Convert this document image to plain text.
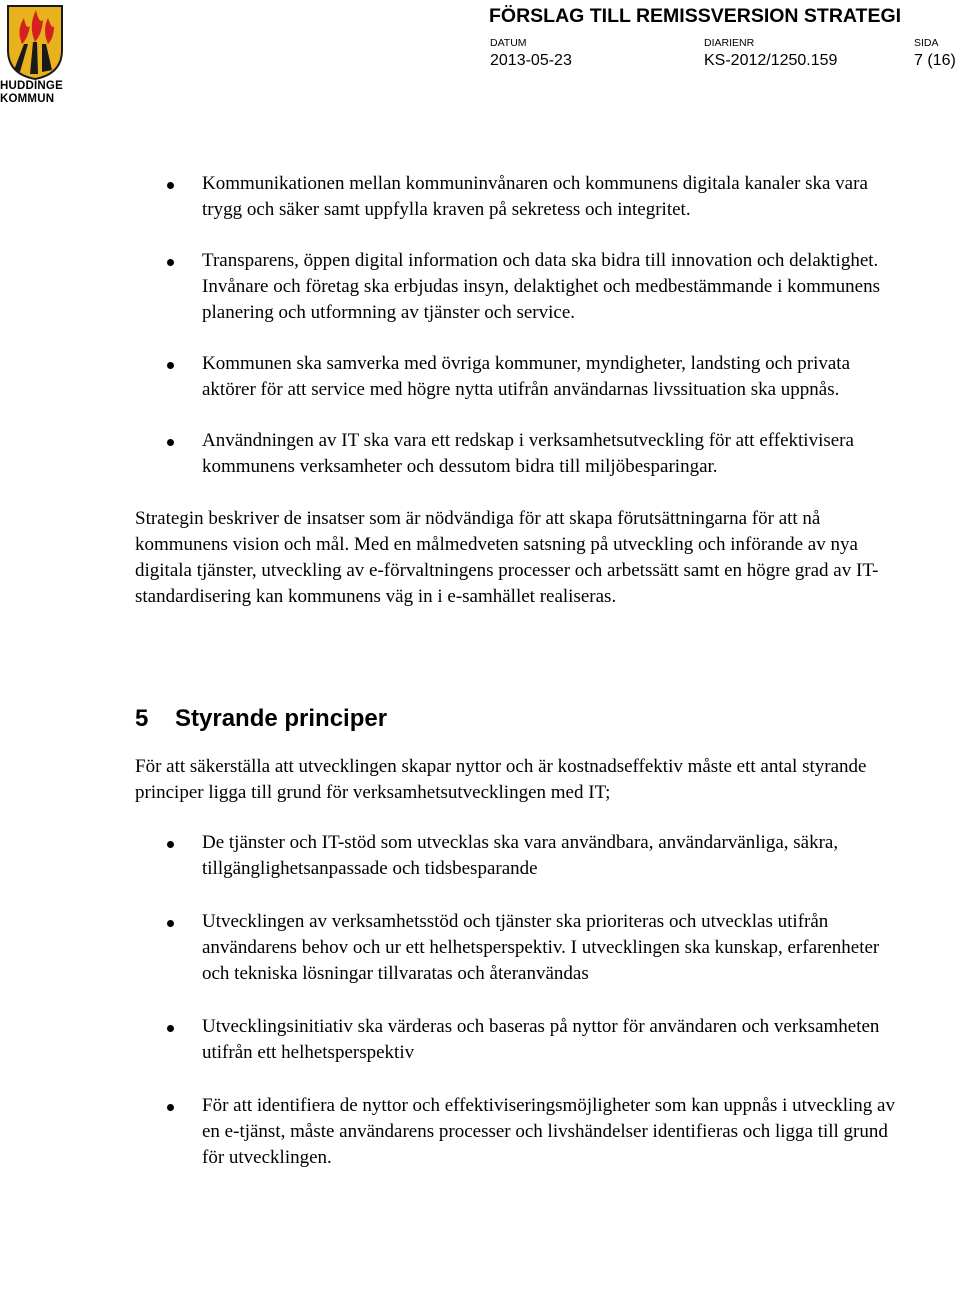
HUDDINGE
KOMMUN
FÖRSLAG TILL REMISSVERSION STRATEGI
DATUM
2013-05-23
DIARIENR
KS-2012/1250.159
SIDA
7 (16)
Kommunikationen mellan kommuninvånaren och kommunens digitala kanaler ska vara trygg och säker samt uppfylla kraven på sekretess och integritet.
Transparens, öppen digital information och data ska bidra till innovation och delaktighet. Invånare och företag ska erbjudas insyn, delaktighet och medbestämmande i kommunens planering och utformning av tjänster och service.
Kommunen ska samverka med övriga kommuner, myndigheter, landsting och privata aktörer för att service med högre nytta utifrån användarnas livssituation ska uppnås.
Användningen av IT ska vara ett redskap i verksamhetsutveckling för att effektivisera kommunens verksamheter och dessutom bidra till miljöbesparingar.

Strategin beskriver de insatser som är nödvändiga för att skapa förutsättningarna för att nå kommunens vision och mål. Med en målmedveten satsning på utveckling och införande av nya digitala tjänster, utveckling av e-förvaltningens processer och arbetssätt samt en högre grad av IT-standardisering kan kommunens väg in i e-samhället realiseras.

5 Styrande principer

För att säkerställa att utvecklingen skapar nyttor och är kostnadseffektiv måste ett antal styrande principer ligga till grund för verksamhetsutvecklingen med IT;

De tjänster och IT-stöd som utvecklas ska vara användbara, användarvänliga, säkra, tillgänglighetsanpassade och tidsbesparande
Utvecklingen av verksamhetsstöd och tjänster ska prioriteras och utvecklas utifrån användarens behov och ur ett helhetsperspektiv. I utvecklingen ska kunskap, erfarenheter och tekniska lösningar tillvaratas och återanvändas
Utvecklingsinitiativ ska värderas och baseras på nyttor för användaren och verksamheten utifrån ett helhetsperspektiv
För att identifiera de nyttor och effektiviseringsmöjligheter som kan uppnås i utveckling av en e-tjänst, måste användarens processer och livshändelser identifieras och ligga till grund för utvecklingen.
